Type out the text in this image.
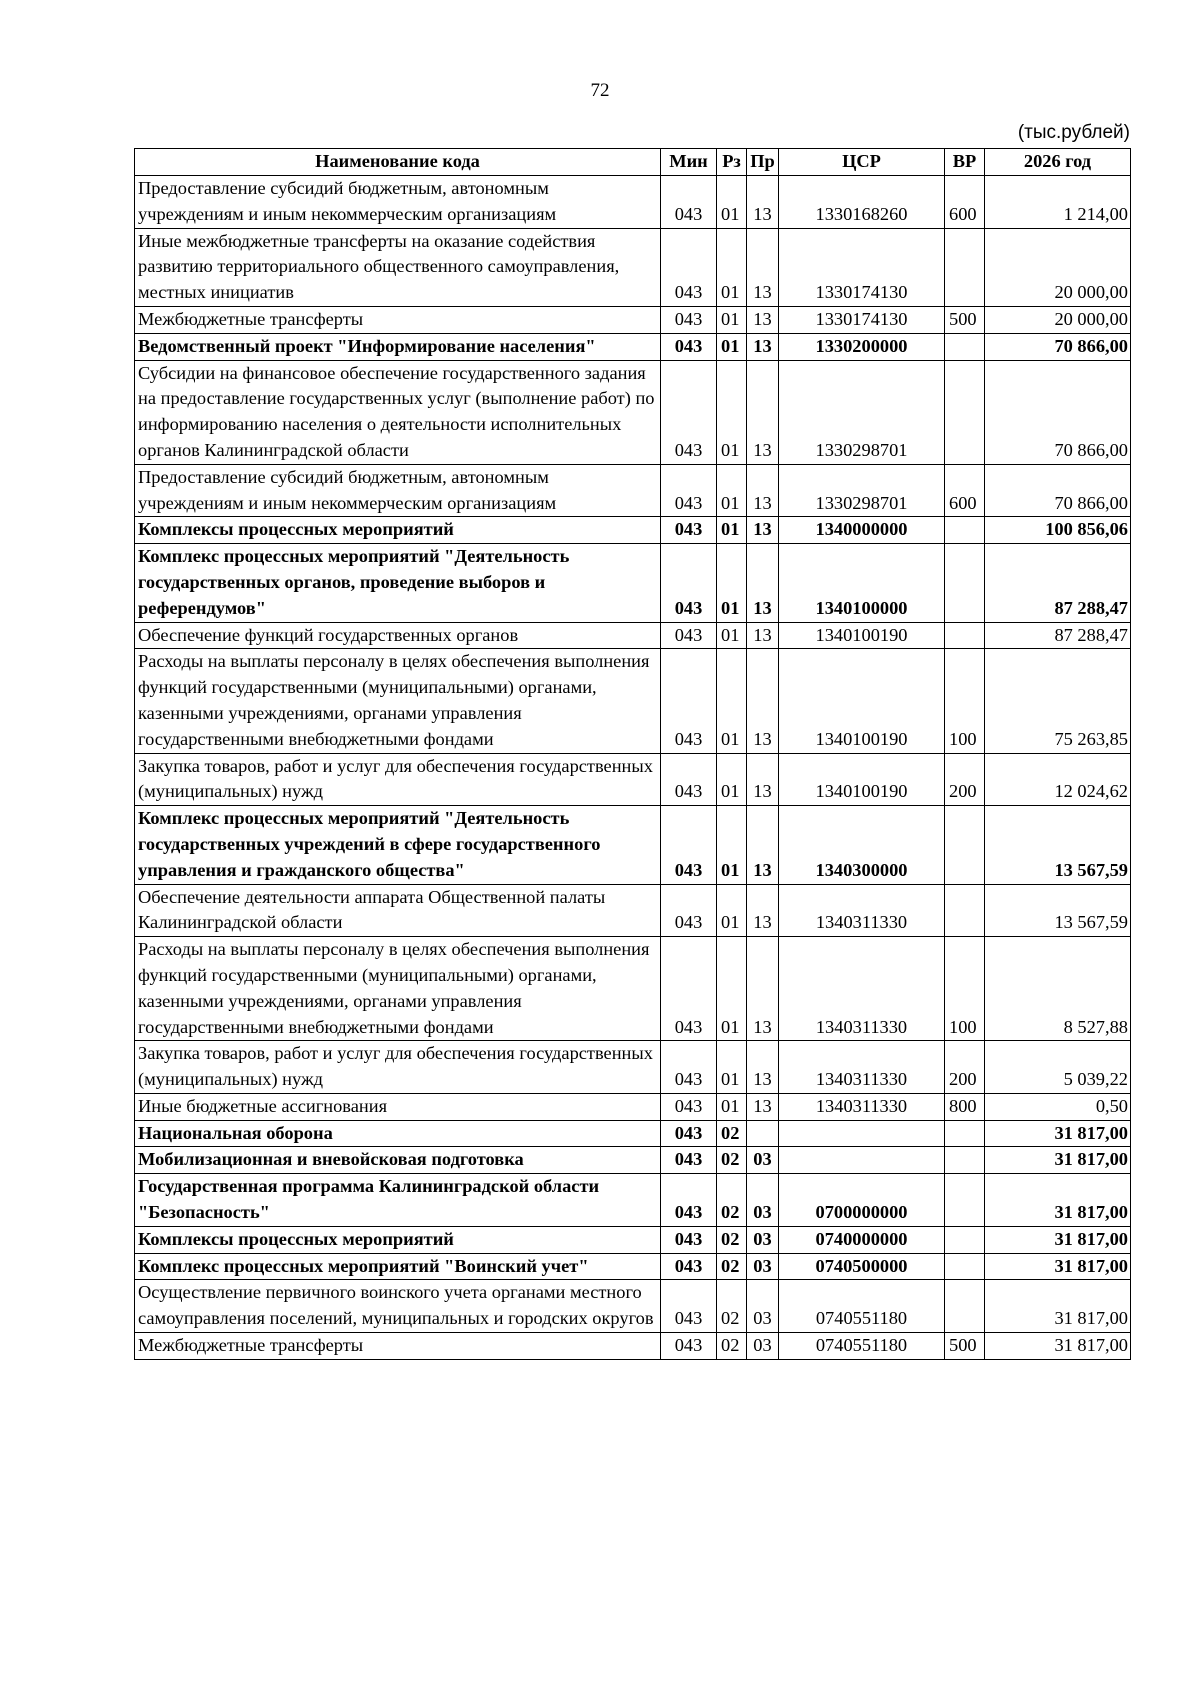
72
(тыс.рублей)
Наименование кода	Мин	Рз	Пр	ЦСР	ВР	2026 год
Предоставление субсидий бюджетным, автономным учреждениям и иным некоммерческим организациям	043	01	13	1330168260	600	1 214,00
Иные межбюджетные трансферты на оказание содействия развитию территориального общественного самоуправления, местных инициатив	043	01	13	1330174130		20 000,00
Межбюджетные трансферты	043	01	13	1330174130	500	20 000,00
Ведомственный проект "Информирование населения"	043	01	13	1330200000		70 866,00
Субсидии на финансовое обеспечение государственного задания на предоставление государственных услуг (выполнение работ) по информированию населения о деятельности исполнительных органов Калининградской области	043	01	13	1330298701		70 866,00
Предоставление субсидий бюджетным, автономным учреждениям и иным некоммерческим организациям	043	01	13	1330298701	600	70 866,00
Комплексы процессных мероприятий	043	01	13	1340000000		100 856,06
Комплекс процессных мероприятий "Деятельность государственных органов, проведение выборов и референдумов"	043	01	13	1340100000		87 288,47
Обеспечение функций государственных органов	043	01	13	1340100190		87 288,47
Расходы на выплаты персоналу в целях обеспечения выполнения функций государственными (муниципальными) органами, казенными учреждениями, органами управления государственными внебюджетными фондами	043	01	13	1340100190	100	75 263,85
Закупка товаров, работ и услуг для обеспечения государственных (муниципальных) нужд	043	01	13	1340100190	200	12 024,62
Комплекс процессных мероприятий "Деятельность государственных учреждений в сфере государственного управления и гражданского общества"	043	01	13	1340300000		13 567,59
Обеспечение деятельности аппарата Общественной палаты Калининградской области	043	01	13	1340311330		13 567,59
Расходы на выплаты персоналу в целях обеспечения выполнения функций государственными (муниципальными) органами, казенными учреждениями, органами управления государственными внебюджетными фондами	043	01	13	1340311330	100	8 527,88
Закупка товаров, работ и услуг для обеспечения государственных (муниципальных) нужд	043	01	13	1340311330	200	5 039,22
Иные бюджетные ассигнования	043	01	13	1340311330	800	0,50
Национальная оборона	043	02				31 817,00
Мобилизационная и вневойсковая подготовка	043	02	03			31 817,00
Государственная программа Калининградской области "Безопасность"	043	02	03	0700000000		31 817,00
Комплексы процессных мероприятий	043	02	03	0740000000		31 817,00
Комплекс процессных мероприятий "Воинский учет"	043	02	03	0740500000		31 817,00
Осуществление первичного воинского учета органами местного самоуправления поселений, муниципальных и городских округов	043	02	03	0740551180		31 817,00
Межбюджетные трансферты	043	02	03	0740551180	500	31 817,00
